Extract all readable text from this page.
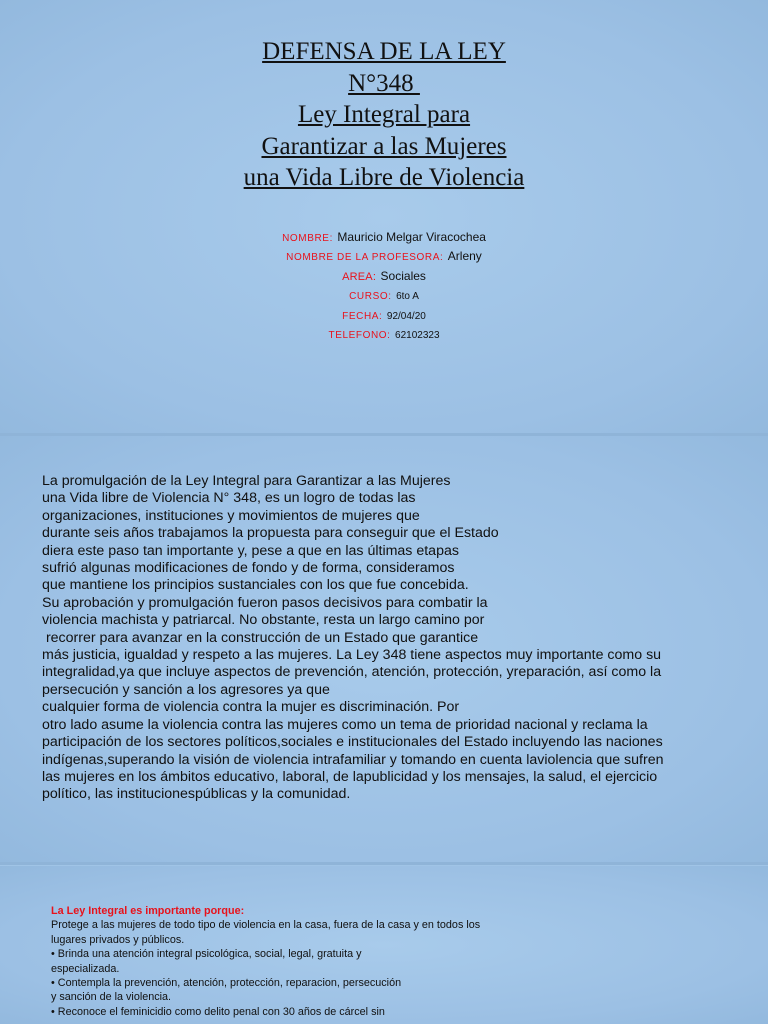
DEFENSA DE LA LEY
N°348
Ley Integral para
Garantizar a las Mujeres
una Vida Libre de Violencia
NOMBRE: Mauricio Melgar Viracochea
NOMBRE DE LA PROFESORA: Arleny
AREA: Sociales
CURSO: 6to A
FECHA: 92/04/20
TELEFONO: 62102323
La promulgación de la Ley Integral para Garantizar a las Mujeres
una Vida libre de Violencia N° 348, es un logro de todas las
organizaciones, instituciones y movimientos de mujeres que
durante seis años trabajamos la propuesta para conseguir que el Estado
diera este paso tan importante y, pese a que en las últimas etapas
sufrió algunas modificaciones de fondo y de forma, consideramos
que mantiene los principios sustanciales con los que fue concebida.
Su aprobación y promulgación fueron pasos decisivos para combatir la
violencia machista y patriarcal. No obstante, resta un largo camino por
recorrer para avanzar en la construcción de un Estado que garantice
más justicia, igualdad y respeto a las mujeres. La Ley 348 tiene aspectos muy importante como su
integralidad,ya que incluye aspectos de prevención, atención, protección, yreparación, así como la
persecución y sanción a los agresores ya que
cualquier forma de violencia contra la mujer es discriminación. Por
otro lado asume la violencia contra las mujeres como un tema de prioridad nacional y reclama la
participación de los sectores políticos,sociales e institucionales del Estado incluyendo las naciones
indígenas,superando la visión de violencia intrafamiliar y tomando en cuenta laviolencia que sufren
las mujeres en los ámbitos educativo, laboral, de lapublicidad y los mensajes, la salud, el ejercicio
político, las institucionespúblicas y la comunidad.
La Ley Integral es importante porque:
Protege a las mujeres de todo tipo de violencia en la casa, fuera de la casa y en todos los
lugares privados y públicos.
• Brinda una atención integral psicológica, social, legal, gratuita y
especializada.
• Contempla la prevención, atención, protección, reparacion, persecución
y sanción de la violencia.
• Reconoce el feminicidio como delito penal con 30 años de cárcel sin
